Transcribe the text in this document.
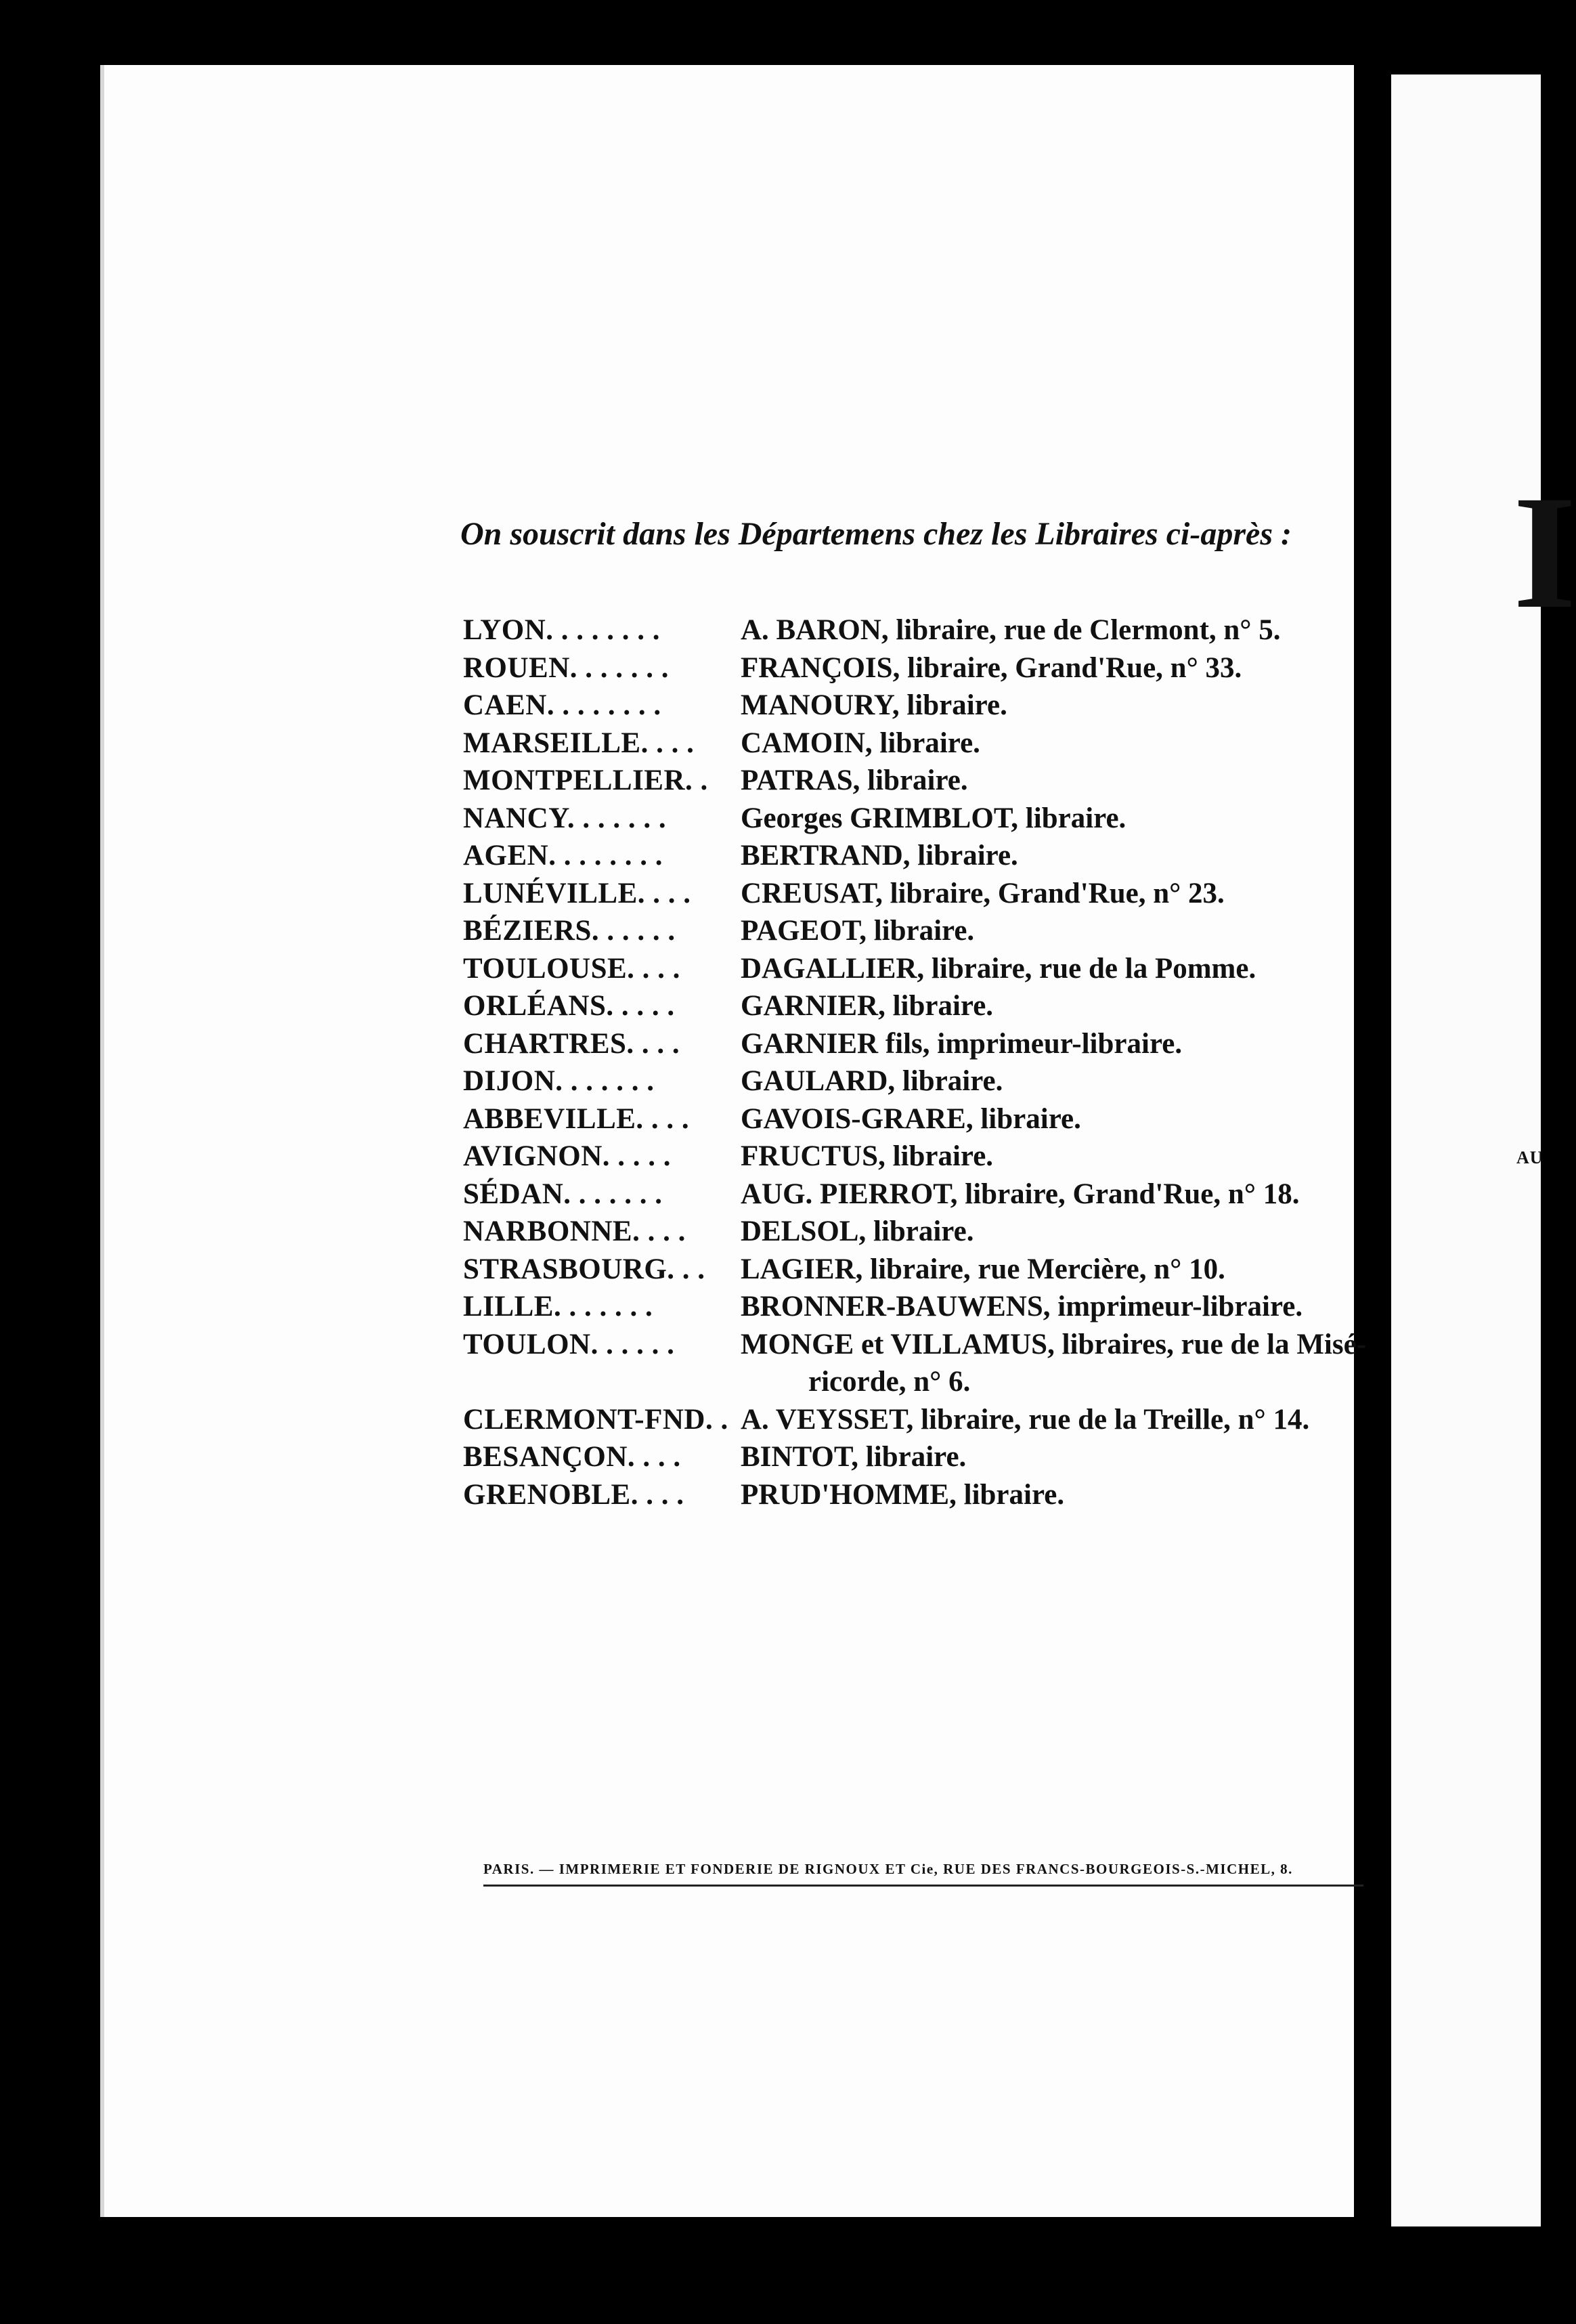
On souscrit dans les Départemens chez les Libraires ci-après :

LYON. . . . . . . .	A. BARON, libraire, rue de Clermont, n° 5.
ROUEN. . . . . . .	FRANÇOIS, libraire, Grand'Rue, n° 33.
CAEN. . . . . . . .	MANOURY, libraire.
MARSEILLE. . . .	CAMOIN, libraire.
MONTPELLIER. .	PATRAS, libraire.
NANCY. . . . . . .	Georges GRIMBLOT, libraire.
AGEN. . . . . . . .	BERTRAND, libraire.
LUNÉVILLE. . . .	CREUSAT, libraire, Grand'Rue, n° 23.
BÉZIERS. . . . . .	PAGEOT, libraire.
TOULOUSE. . . .	DAGALLIER, libraire, rue de la Pomme.
ORLÉANS. . . . .	GARNIER, libraire.
CHARTRES. . . .	GARNIER fils, imprimeur-libraire.
DIJON. . . . . . .	GAULARD, libraire.
ABBEVILLE. . . .	GAVOIS-GRARE, libraire.
AVIGNON. . . . .	FRUCTUS, libraire.
SÉDAN. . . . . . .	AUG. PIERROT, libraire, Grand'Rue, n° 18.
NARBONNE. . . .	DELSOL, libraire.
STRASBOURG. . .	LAGIER, libraire, rue Mercière, n° 10.
LILLE. . . . . . .	BRONNER-BAUWENS, imprimeur-libraire.
TOULON. . . . . .	MONGE et VILLAMUS, libraires, rue de la Misé-
ricorde, n° 6.
CLERMONT-FND. . A. VEYSSET, libraire, rue de la Treille, n° 14.
BESANÇON. . . .	BINTOT, libraire.
GRENOBLE. . . .	PRUD'HOMME, libraire.
PARIS. — IMPRIMERIE ET FONDERIE DE RIGNOUX ET Cie, RUE DES FRANCS-BOURGEOIS-S.-MICHEL, 8.
I
AU
